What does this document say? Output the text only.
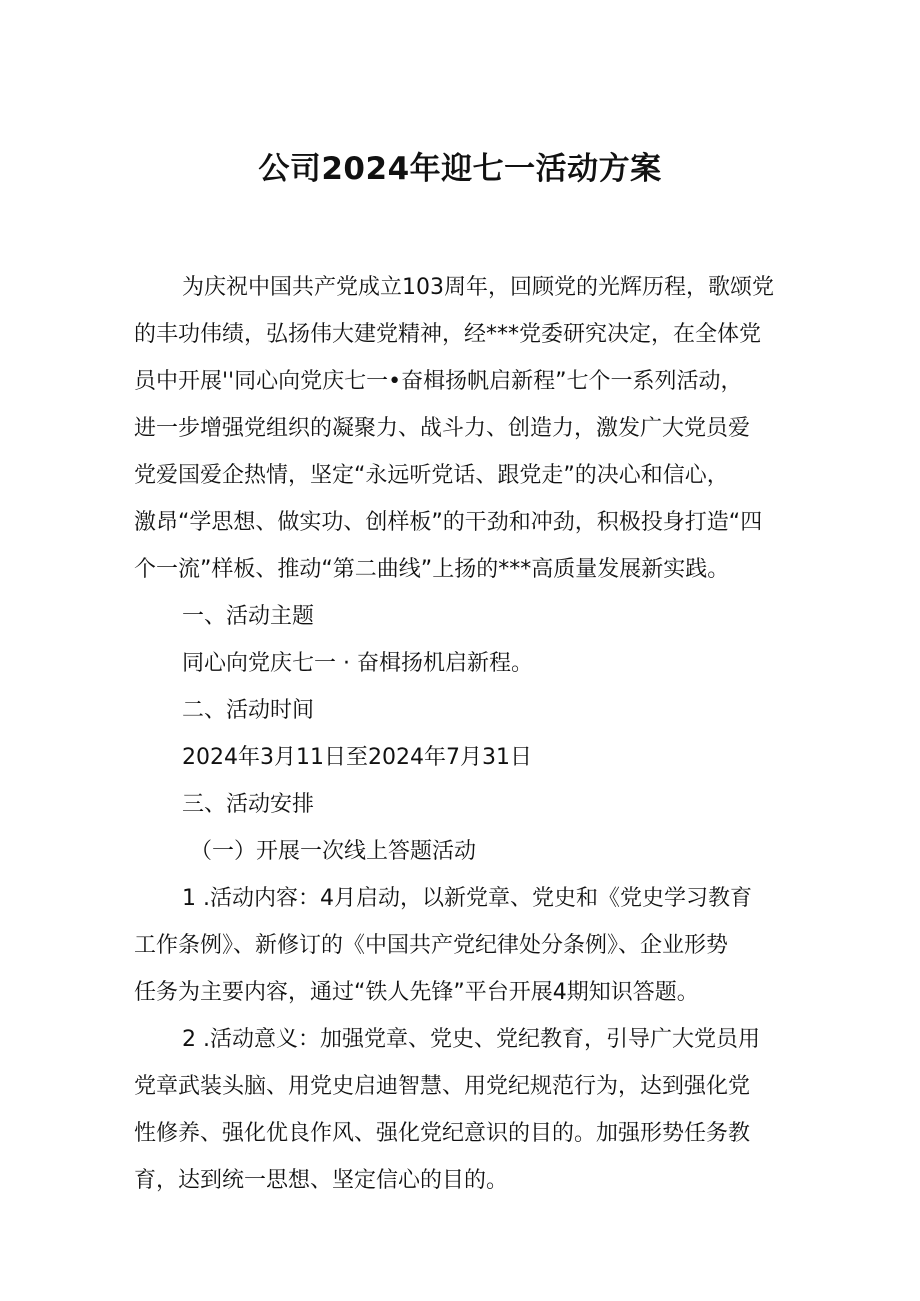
公司2024年迎七一活动方案

为庆祝中国共产党成立103周年，回顾党的光辉历程，歌颂党
的丰功伟绩，弘扬伟大建党精神，经***党委研究决定，在全体党
员中开展''同心向党庆七一•奋楫扬帆启新程”七个一系列活动，
进一步增强党组织的凝聚力、战斗力、创造力，激发广大党员爱
党爱国爱企热情，坚定“永远听党话、跟党走”的决心和信心，
激昂“学思想、做实功、创样板”的干劲和冲劲，积极投身打造“四
个一流”样板、推动“第二曲线”上扬的***高质量发展新实践。

一、活动主题

同心向党庆七一 · 奋楫扬机启新程。

二、活动时间

2024年3月11日至2024年7月31日

三、活动安排

（一）开展一次线上答题活动

1 .活动内容：4月启动，以新党章、党史和《党史学习教育
工作条例》、新修订的《中国共产党纪律处分条例》、企业形势
任务为主要内容，通过“铁人先锋”平台开展4期知识答题。

2 .活动意义：加强党章、党史、党纪教育，引导广大党员用
党章武装头脑、用党史启迪智慧、用党纪规范行为，达到强化党
性修养、强化优良作风、强化党纪意识的目的。加强形势任务教
育，达到统一思想、坚定信心的目的。
